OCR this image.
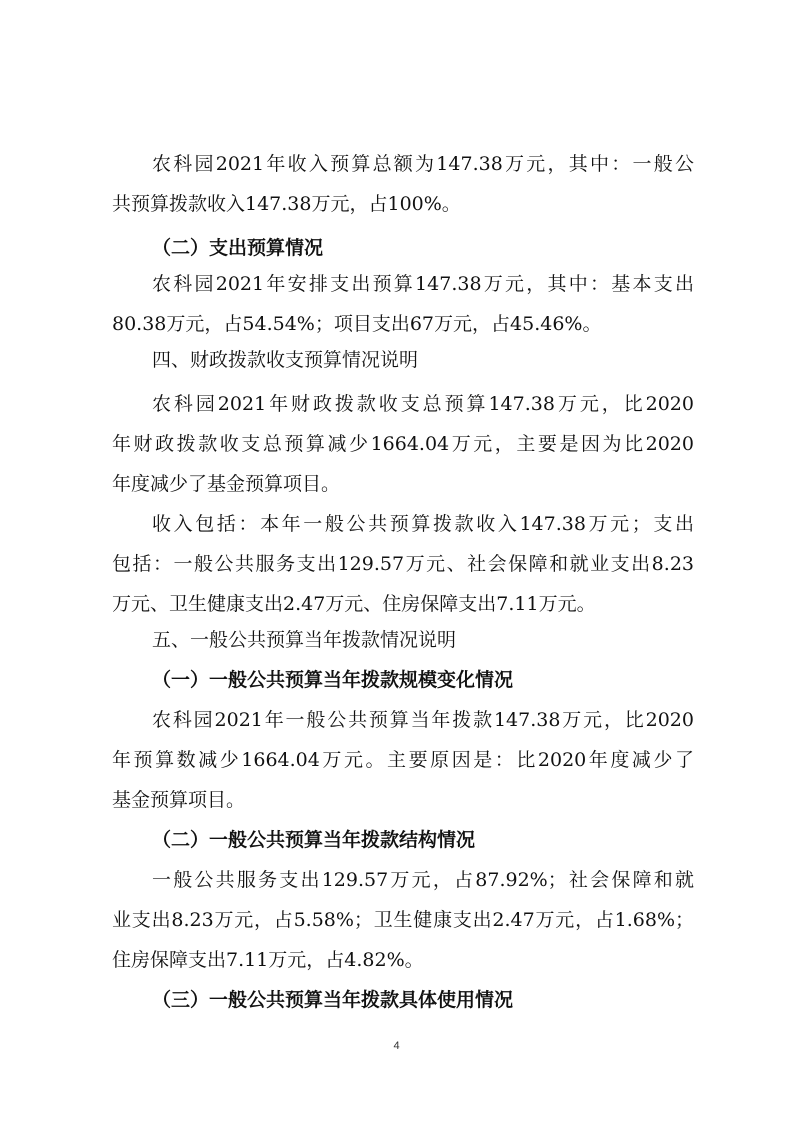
农科园2021年收入预算总额为147.38万元，其中：一般公
共预算拨款收入147.38万元，占100%。
（二）支出预算情况
农科园2021年安排支出预算147.38万元，其中：基本支出
80.38万元，占54.54%；项目支出67万元，占45.46%。
四、财政拨款收支预算情况说明
农科园2021年财政拨款收支总预算147.38万元，比2020
年财政拨款收支总预算减少1664.04万元，主要是因为比2020
年度减少了基金预算项目。
收入包括：本年一般公共预算拨款收入147.38万元；支出
包括：一般公共服务支出129.57万元、社会保障和就业支出8.23
万元、卫生健康支出2.47万元、住房保障支出7.11万元。
五、一般公共预算当年拨款情况说明
（一）一般公共预算当年拨款规模变化情况
农科园2021年一般公共预算当年拨款147.38万元，比2020
年预算数减少1664.04万元。主要原因是：比2020年度减少了
基金预算项目。
（二）一般公共预算当年拨款结构情况
一般公共服务支出129.57万元，占87.92%；社会保障和就
业支出8.23万元，占5.58%；卫生健康支出2.47万元，占1.68%；
住房保障支出7.11万元，占4.82%。
（三）一般公共预算当年拨款具体使用情况
4
